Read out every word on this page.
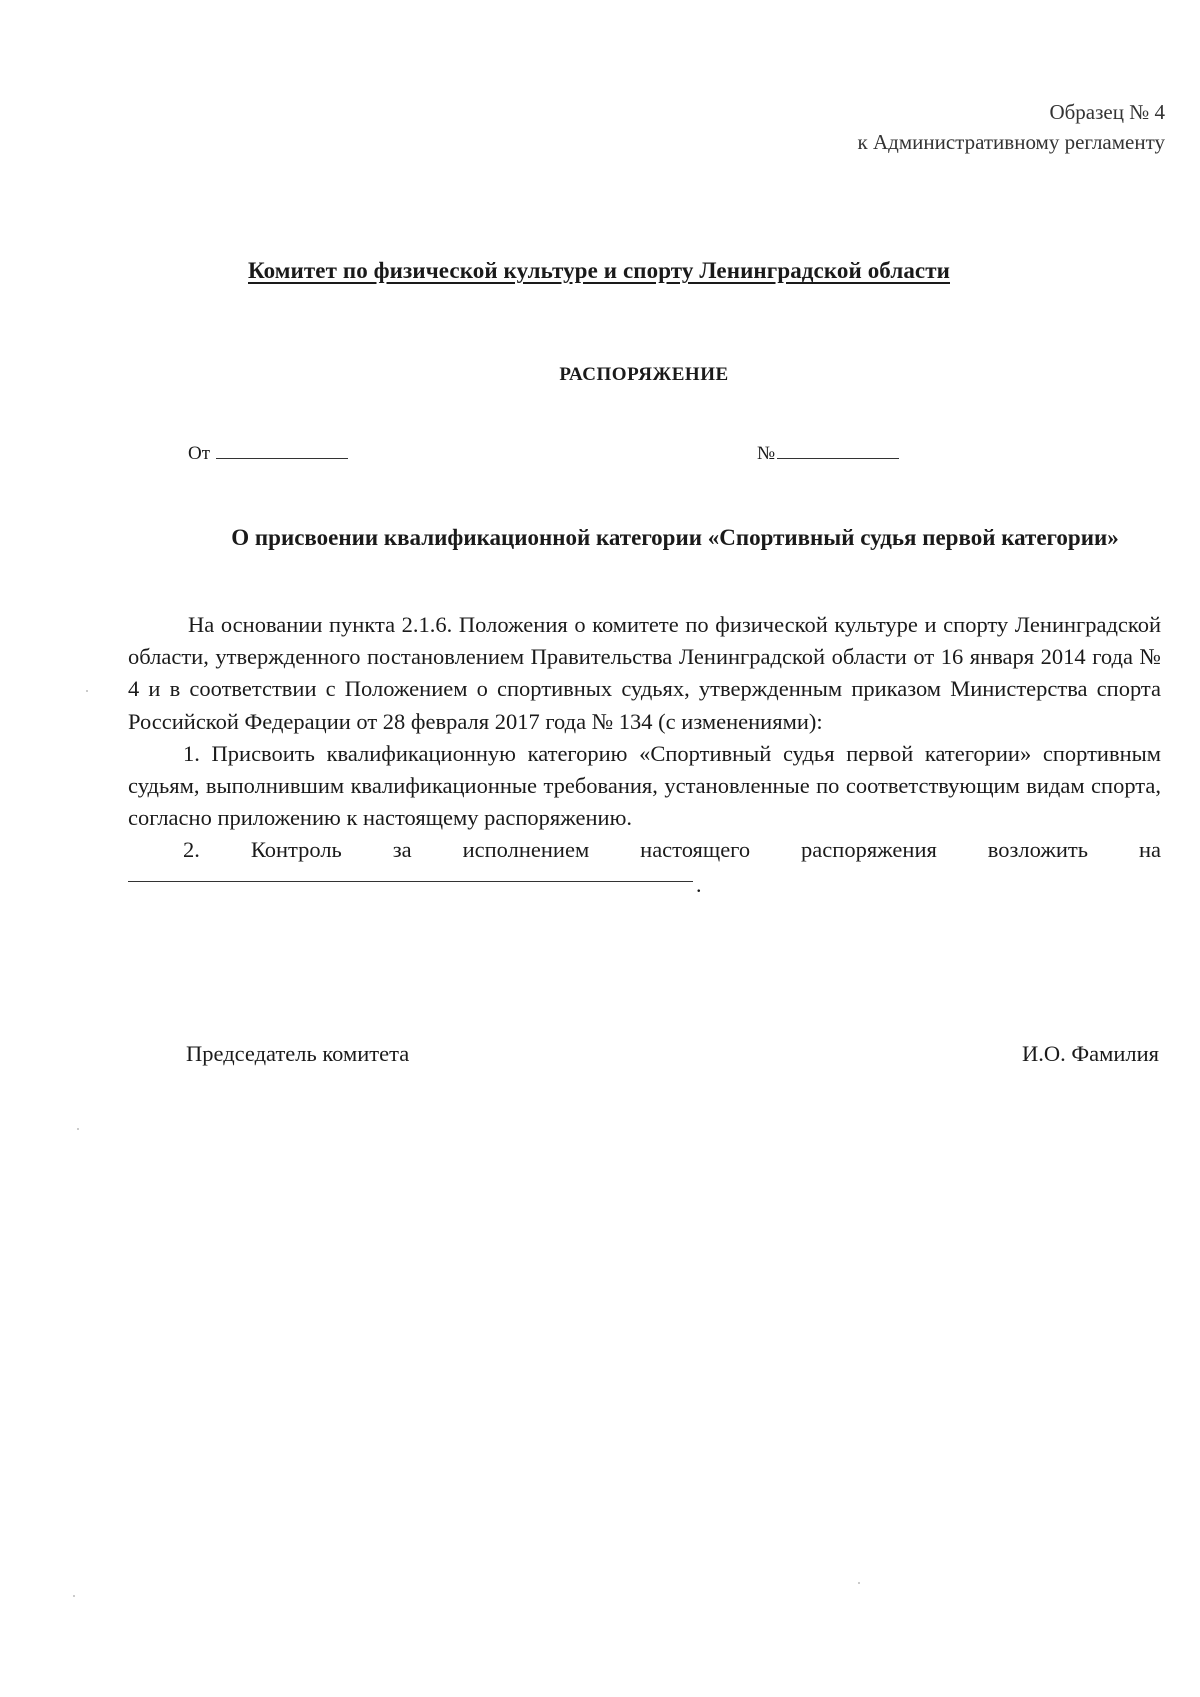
Образец № 4
к Административному регламенту
Комитет по физической культуре и спорту Ленинградской области
РАСПОРЯЖЕНИЕ
От	№
О присвоении квалификационной категории «Спортивный судья первой категории»

На основании пункта 2.1.6. Положения о комитете по физической культуре и спорту Ленинградской области, утвержденного постановлением Правительства Ленинградской области от 16 января 2014 года № 4 и в соответствии с Положением о спортивных судьях, утвержденным приказом Министерства спорта Российской Федерации от 28 февраля 2017 года № 134 (с изменениями):

1. Присвоить квалификационную категорию «Спортивный судья первой категории» спортивным судьям, выполнившим квалификационные требования, установленные по соответствующим видам спорта, согласно приложению к настоящему распоряжению.

2. Контроль за исполнением настоящего распоряжения возложить на

.
Председатель комитета	И.О. Фамилия
